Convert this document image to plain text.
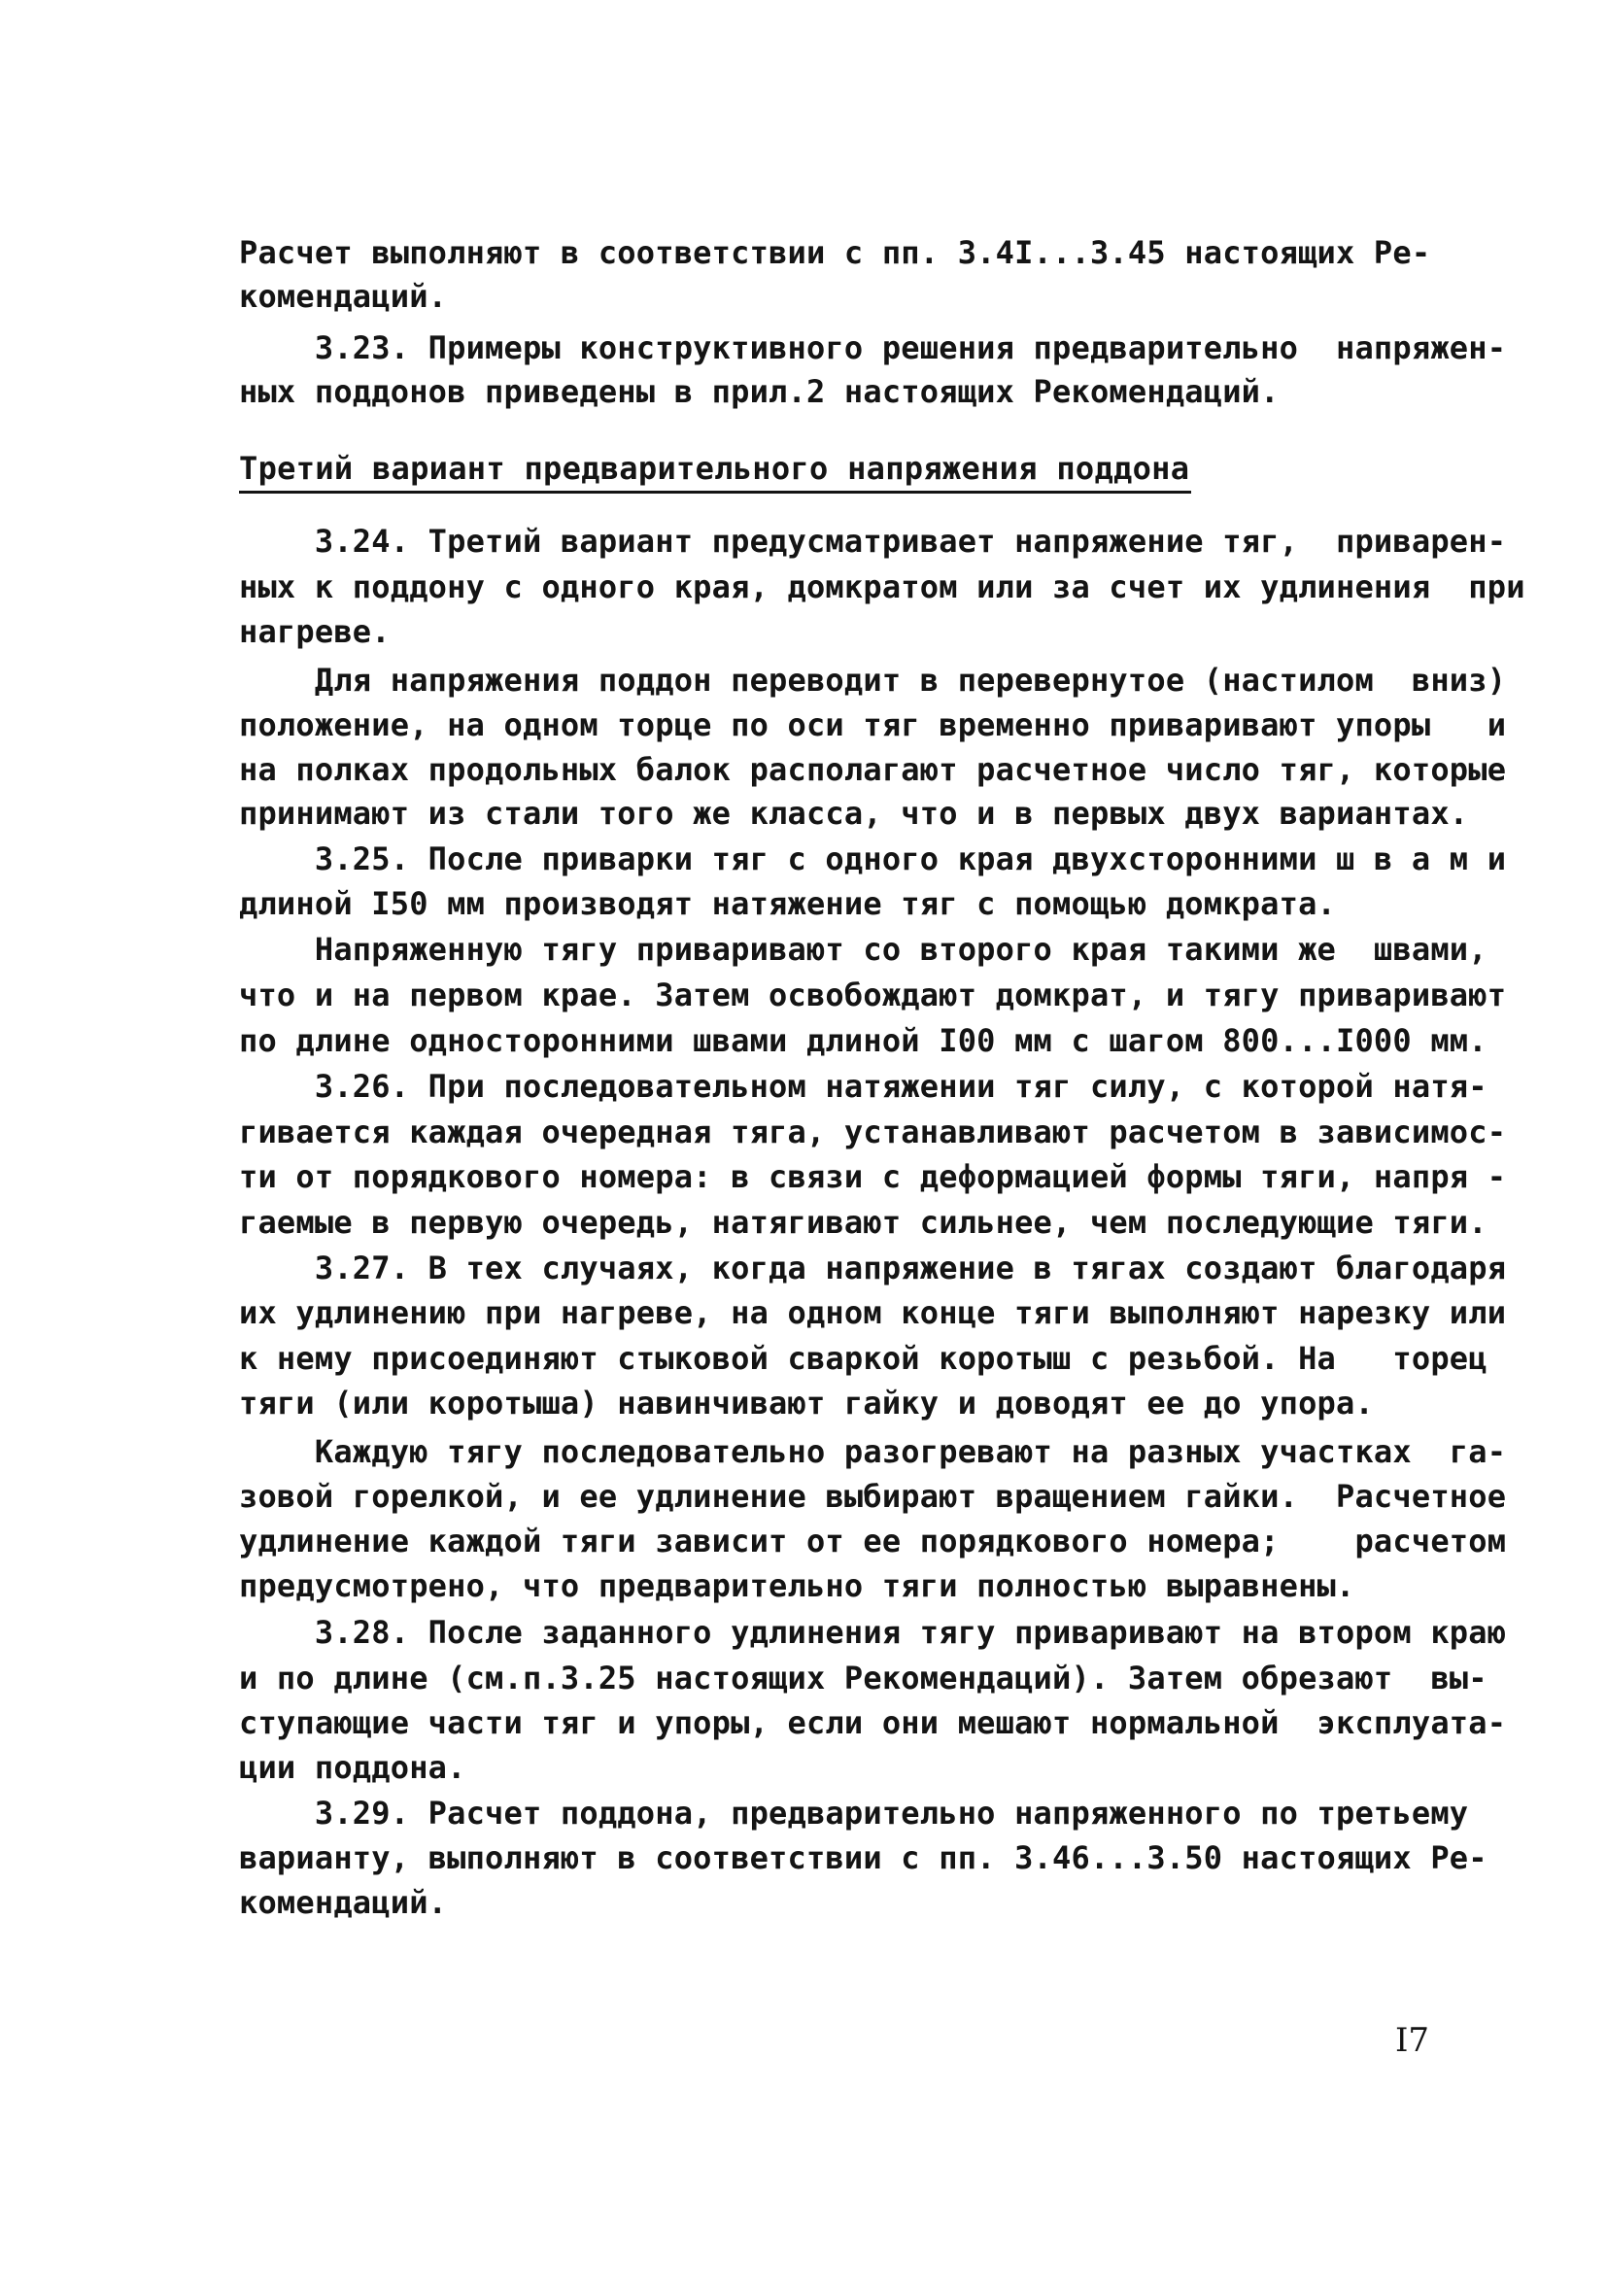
Расчет выполняют в соответствии с пп. 3.4I...3.45 настоящих Ре-
комендаций.
3.23. Примеры конструктивного решения предварительно  напряжен-
ных поддонов приведены в прил.2 настоящих Рекомендаций.
Третий вариант предварительного напряжения поддона
3.24. Третий вариант предусматривает напряжение тяг,  приварен-
ных к поддону с одного края, домкратом или за счет их удлинения  при
нагреве.
Для напряжения поддон переводит в перевернутое (настилом  вниз)
положение, на одном торце по оси тяг временно приваривают упоры   и
на полках продольных балок располагают расчетное число тяг, которые
принимают из стали того же класса, что и в первых двух вариантах.
3.25. После приварки тяг с одного края двухсторонними ш в а м и
длиной I50 мм производят натяжение тяг с помощью домкрата.
Напряженную тягу приваривают со второго края такими же  швами,
что и на первом крае. Затем освобождают домкрат, и тягу приваривают
по длине односторонними швами длиной I00 мм с шагом 800...I000 мм.
3.26. При последовательном натяжении тяг силу, с которой натя-
гивается каждая очередная тяга, устанавливают расчетом в зависимос-
ти от порядкового номера: в связи с деформацией формы тяги, напря -
гаемые в первую очередь, натягивают сильнее, чем последующие тяги.
3.27. В тех случаях, когда напряжение в тягах создают благодаря
их удлинению при нагреве, на одном конце тяги выполняют нарезку или
к нему присоединяют стыковой сваркой коротыш с резьбой. На   торец
тяги (или коротыша) навинчивают гайку и доводят ее до упора.
Каждую тягу последовательно разогревают на разных участках  га-
зовой горелкой, и ее удлинение выбирают вращением гайки.  Расчетное
удлинение каждой тяги зависит от ее порядкового номера;    расчетом
предусмотрено, что предварительно тяги полностью выравнены.
3.28. После заданного удлинения тягу приваривают на втором краю
и по длине (см.п.3.25 настоящих Рекомендаций). Затем обрезают  вы-
ступающие части тяг и упоры, если они мешают нормальной  эксплуата-
ции поддона.
3.29. Расчет поддона, предварительно напряженного по третьему
варианту, выполняют в соответствии с пп. 3.46...3.50 настоящих Ре-
комендаций.
I7
